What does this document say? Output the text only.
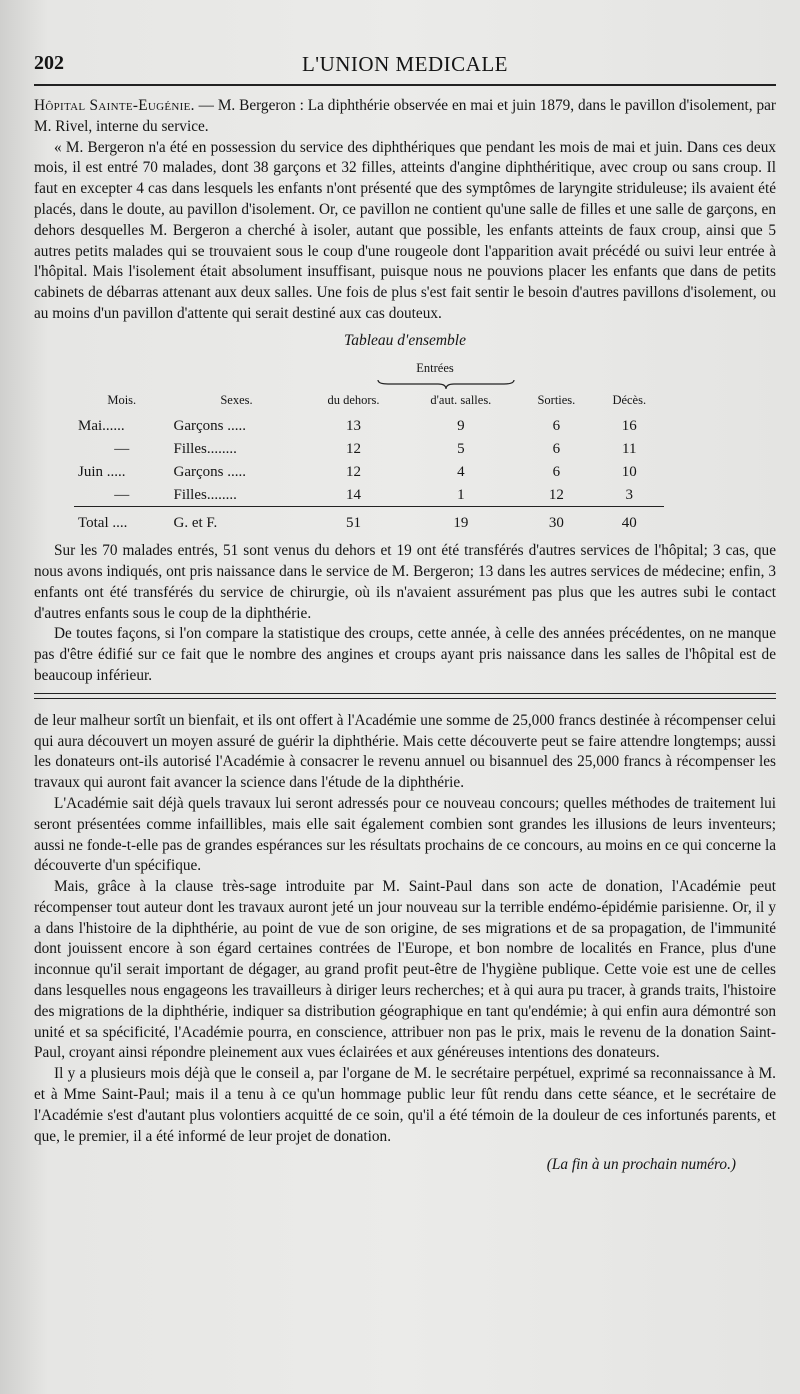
202	L'UNION MEDICALE

Hôpital Sainte-Eugénie. — M. Bergeron : La diphthérie observée en mai et juin 1879, dans le pavillon d'isolement, par M. Rivel, interne du service.

« M. Bergeron n'a été en possession du service des diphthériques que pendant les mois de mai et juin. Dans ces deux mois, il est entré 70 malades, dont 38 garçons et 32 filles, atteints d'angine diphthéritique, avec croup ou sans croup. Il faut en excepter 4 cas dans lesquels les enfants n'ont présenté que des symptômes de laryngite striduleuse; ils avaient été placés, dans le doute, au pavillon d'isolement. Or, ce pavillon ne contient qu'une salle de filles et une salle de garçons, en dehors desquelles M. Bergeron a cherché à isoler, autant que possible, les enfants atteints de faux croup, ainsi que 5 autres petits malades qui se trouvaient sous le coup d'une rougeole dont l'apparition avait précédé ou suivi leur entrée à l'hôpital. Mais l'isolement était absolument insuffisant, puisque nous ne pouvions placer les enfants que dans de petits cabinets de débarras attenant aux deux salles. Une fois de plus s'est fait sentir le besoin d'autres pavillons d'isolement, ou au moins d'un pavillon d'attente qui serait destiné aux cas douteux.

Tableau d'ensemble
Entrées
Mois.	Sexes.	du dehors.	d'aut. salles.	Sorties.	Décès.
Mai......	Garçons .....	13	9	6	16
—	Filles........	12	5	6	11
Juin .....	Garçons .....	12	4	6	10
—	Filles........	14	1	12	3
Total ....	G. et F.	51	19	30	40

Sur les 70 malades entrés, 51 sont venus du dehors et 19 ont été transférés d'autres services de l'hôpital; 3 cas, que nous avons indiqués, ont pris naissance dans le service de M. Bergeron; 13 dans les autres services de médecine; enfin, 3 enfants ont été transférés du service de chirurgie, où ils n'avaient assurément pas plus que les autres subi le contact d'autres enfants sous le coup de la diphthérie.

De toutes façons, si l'on compare la statistique des croups, cette année, à celle des années précédentes, on ne manque pas d'être édifié sur ce fait que le nombre des angines et croups ayant pris naissance dans les salles de l'hôpital est de beaucoup inférieur.

de leur malheur sortît un bienfait, et ils ont offert à l'Académie une somme de 25,000 francs destinée à récompenser celui qui aura découvert un moyen assuré de guérir la diphthérie. Mais cette découverte peut se faire attendre longtemps; aussi les donateurs ont-ils autorisé l'Académie à consacrer le revenu annuel ou bisannuel des 25,000 francs à récompenser les travaux qui auront fait avancer la science dans l'étude de la diphthérie.

L'Académie sait déjà quels travaux lui seront adressés pour ce nouveau concours; quelles méthodes de traitement lui seront présentées comme infaillibles, mais elle sait également combien sont grandes les illusions de leurs inventeurs; aussi ne fonde-t-elle pas de grandes espérances sur les résultats prochains de ce concours, au moins en ce qui concerne la découverte d'un spécifique.

Mais, grâce à la clause très-sage introduite par M. Saint-Paul dans son acte de donation, l'Académie peut récompenser tout auteur dont les travaux auront jeté un jour nouveau sur la terrible endémo-épidémie parisienne. Or, il y a dans l'histoire de la diphthérie, au point de vue de son origine, de ses migrations et de sa propagation, de l'immunité dont jouissent encore à son égard certaines contrées de l'Europe, et bon nombre de localités en France, plus d'une inconnue qu'il serait important de dégager, au grand profit peut-être de l'hygiène publique. Cette voie est une de celles dans lesquelles nous engageons les travailleurs à diriger leurs recherches; et à qui aura pu tracer, à grands traits, l'histoire des migrations de la diphthérie, indiquer sa distribution géographique en tant qu'endémie; à qui enfin aura démontré son unité et sa spécificité, l'Académie pourra, en conscience, attribuer non pas le prix, mais le revenu de la donation Saint-Paul, croyant ainsi répondre pleinement aux vues éclairées et aux généreuses intentions des donateurs.

Il y a plusieurs mois déjà que le conseil a, par l'organe de M. le secrétaire perpétuel, exprimé sa reconnaissance à M. et à Mme Saint-Paul; mais il a tenu à ce qu'un hommage public leur fût rendu dans cette séance, et le secrétaire de l'Académie s'est d'autant plus volontiers acquitté de ce soin, qu'il a été témoin de la douleur de ces infortunés parents, et que, le premier, il a été informé de leur projet de donation.

(La fin à un prochain numéro.)
